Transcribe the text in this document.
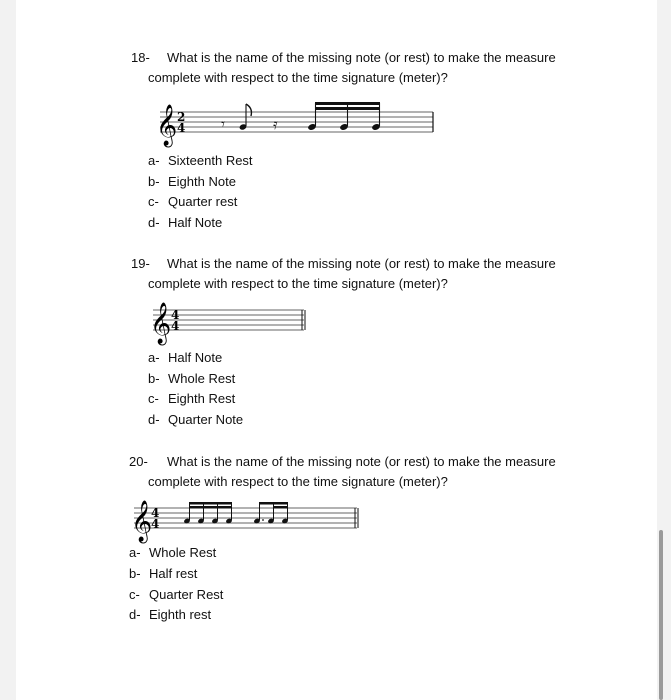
18- What is the name of the missing note (or rest) to make the measure
complete with respect to the time signature (meter)?
𝄞 2
4 𝄾	𝄿
a- Sixteenth Rest
b- Eighth Note
c- Quarter rest
d- Half Note
19- What is the name of the missing note (or rest) to make the measure
complete with respect to the time signature (meter)?
𝄞 4
4
a- Half Note
b- Whole Rest
c- Eighth Rest
d- Quarter Note
20- What is the name of the missing note (or rest) to make the measure
complete with respect to the time signature (meter)?
𝄞
4
4
a- Whole Rest
b- Half rest
c- Quarter Rest
d- Eighth rest
